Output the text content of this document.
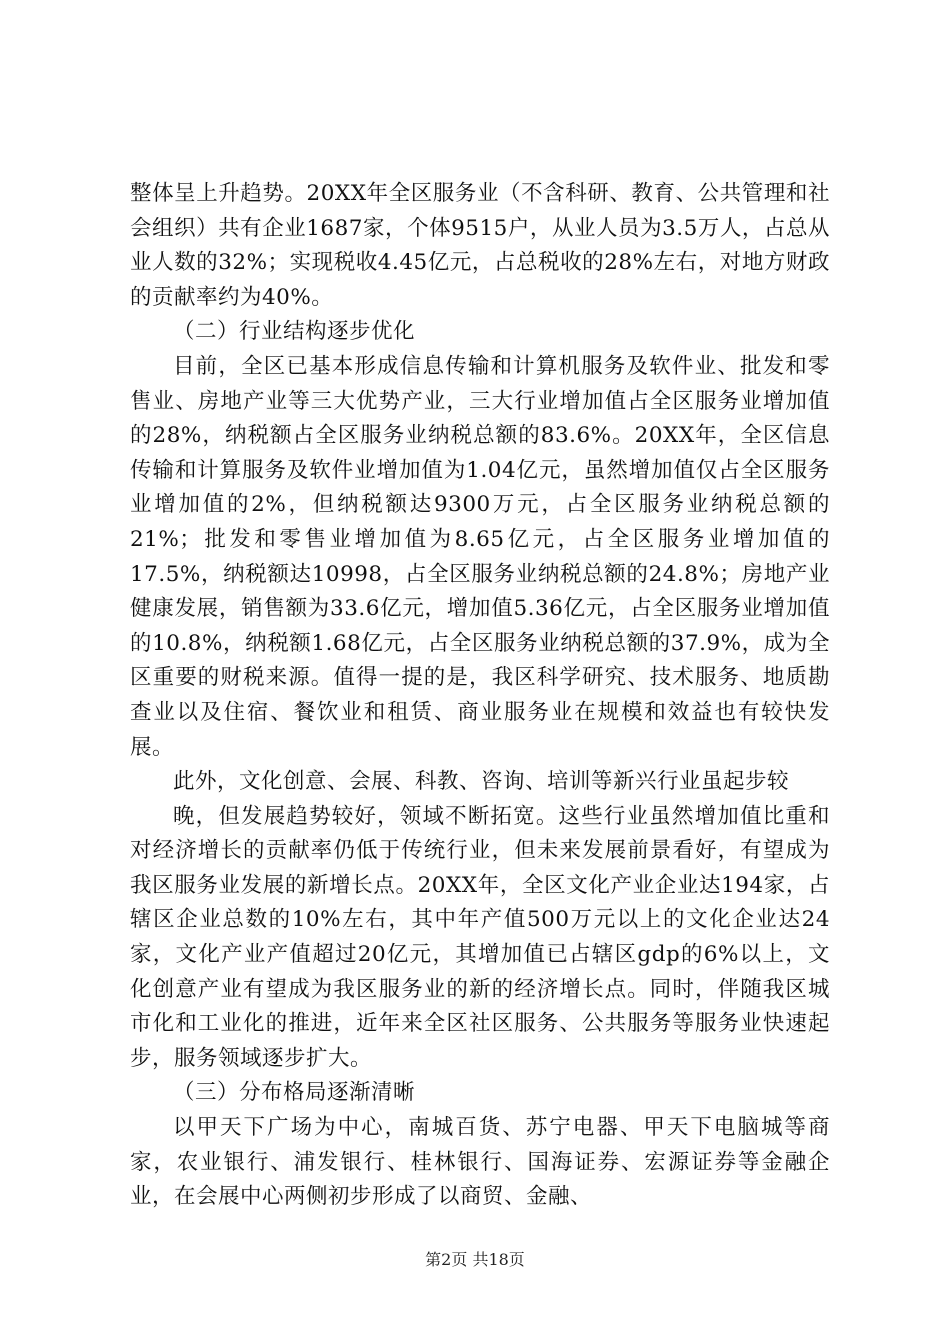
整体呈上升趋势。20XX年全区服务业（不含科研、教育、公共管理和社会组织）共有企业1687家，个体9515户，从业人员为3.5万人，占总从业人数的32%；实现税收4.45亿元，占总税收的28%左右，对地方财政的贡献率约为40%。

（二）行业结构逐步优化

目前，全区已基本形成信息传输和计算机服务及软件业、批发和零售业、房地产业等三大优势产业，三大行业增加值占全区服务业增加值的28%，纳税额占全区服务业纳税总额的83.6%。20XX年，全区信息传输和计算服务及软件业增加值为1.04亿元，虽然增加值仅占全区服务业增加值的2%，但纳税额达9300万元，占全区服务业纳税总额的21%；批发和零售业增加值为8.65亿元，占全区服务业增加值的17.5%，纳税额达10998，占全区服务业纳税总额的24.8%；房地产业健康发展，销售额为33.6亿元，增加值5.36亿元，占全区服务业增加值的10.8%，纳税额1.68亿元，占全区服务业纳税总额的37.9%，成为全区重要的财税来源。值得一提的是，我区科学研究、技术服务、地质勘查业以及住宿、餐饮业和租赁、商业服务业在规模和效益也有较快发展。

此外，文化创意、会展、科教、咨询、培训等新兴行业虽起步较

晚，但发展趋势较好，领域不断拓宽。这些行业虽然增加值比重和对经济增长的贡献率仍低于传统行业，但未来发展前景看好，有望成为我区服务业发展的新增长点。20XX年，全区文化产业企业达194家，占辖区企业总数的10%左右，其中年产值500万元以上的文化企业达24家，文化产业产值超过20亿元，其增加值已占辖区gdp的6%以上，文化创意产业有望成为我区服务业的新的经济增长点。同时，伴随我区城市化和工业化的推进，近年来全区社区服务、公共服务等服务业快速起步，服务领域逐步扩大。

（三）分布格局逐渐清晰

以甲天下广场为中心，南城百货、苏宁电器、甲天下电脑城等商家，农业银行、浦发银行、桂林银行、国海证券、宏源证券等金融企业，在会展中心两侧初步形成了以商贸、金融、

第2页 共18页
